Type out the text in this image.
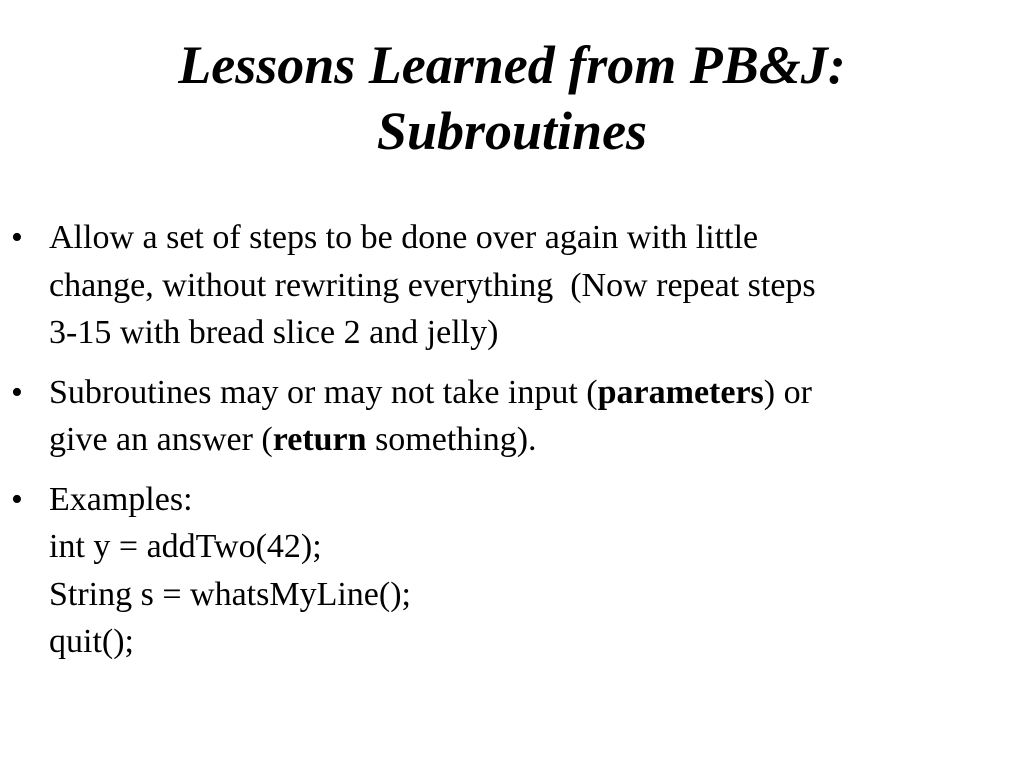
Lessons Learned from PB&J:
Subroutines
• Allow a set of steps to be done over again with little
change, without rewriting everything  (Now repeat steps
3-15 with bread slice 2 and jelly)
• Subroutines may or may not take input (parameters) or
give an answer (return something).
• Examples:
int y = addTwo(42);
String s = whatsMyLine();
quit();
